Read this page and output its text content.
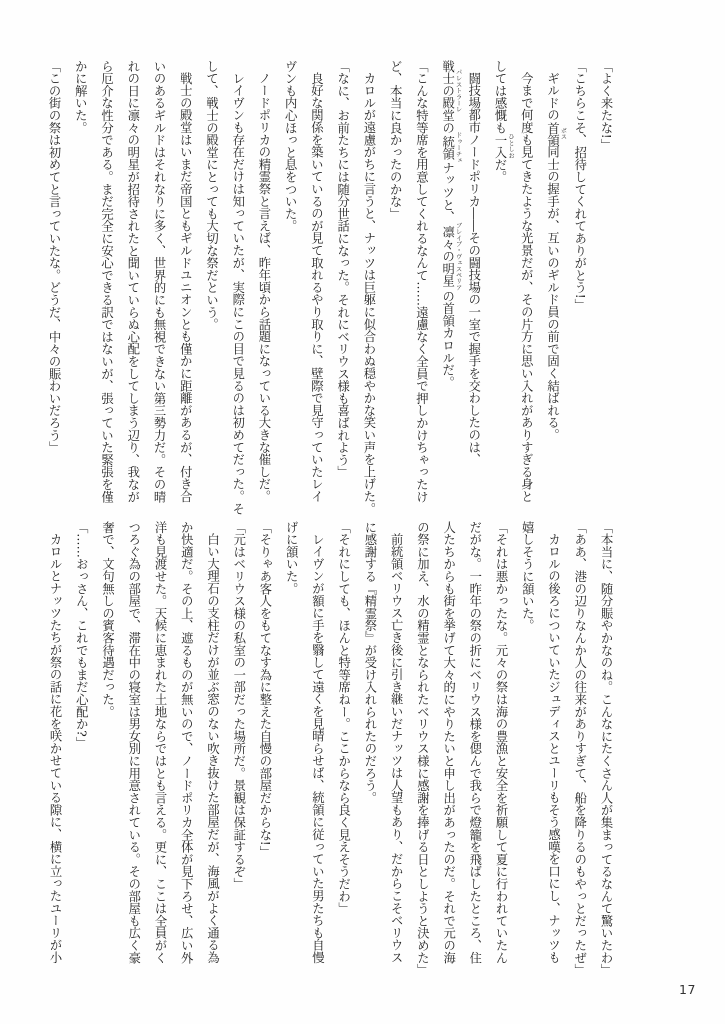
「よく来たな!」

「こちらこそ、招待してくれてありがとう!」

ギルドの首領 ボス同士の握手が、互いのギルド員の前で固く結ばれる。

今まで何度も見てきたような光景だが、その片方に思い入れがありすぎる身と
しては感慨も一入 ひとしおだ。

闘技場都市ノードポリカ――その闘技場の一室で握手を交わしたのは、
戦士の殿堂 パレストラーレの統領 ドゥーチェナッツと、凛々の明星 ブレイブ・ヴェスペリアの首領カロルだ。

「こんな特等席を用意してくれるなんて……遠慮なく全員で押しかけちゃったけ
ど、本当に良かったのかな」

カロルが遠慮がちに言うと、ナッツは巨躯に似合わぬ穏やかな笑い声を上げた。

「なに、お前たちには随分世話になった。それにベリウス様も喜ばれよう」

良好な関係を築いているのが見て取れるやり取りに、壁際で見守っていたレイ
ヴンも内心ほっと息をついた。

ノードポリカの精霊祭と言えば、昨年頃から話題になっている大きな催しだ。

レイヴンも存在だけは知っていたが、実際にこの目で見るのは初めてだった。そ
して、戦士の殿堂にとっても大切な祭だという。

戦士の殿堂はいまだ帝国ともギルドユニオンとも僅かに距離があるが、付き合
いのあるギルドはそれなりに多く、世界的にも無視できない第三勢力だ。その晴
れの日に凛々の明星が招待されたと聞いていらぬ心配をしてしまう辺り、我なが
ら厄介な性分である。まだ完全に安心できる訳ではないが、張っていた緊張を僅
かに解いた。

「この街の祭は初めてと言っていたな。どうだ、中々の賑わいだろう」

「本当に、随分賑やかなのね。こんなにたくさん人が集まってるなんて驚いたわ」

「ああ、港の辺りなんか人の往来がありすぎて、船を降りるのもやっとだったぜ」

カロルの後ろについていたジュディスとユーリもそう感嘆を口にし、ナッツも
嬉しそうに頷いた。

「それは悪かったな。元々の祭は海の豊漁と安全を祈願して夏に行われていたん
だがな。一昨年の祭の折にベリウス様を偲んで我らで燈籠を飛ばしたところ、住
人たちからも街を挙げて大々的にやりたいと申し出があったのだ。それで元の海
の祭に加え、水の精霊となられたベリウス様に感謝を捧げる日としようと決めた」

前統領ベリウス亡き後に引き継いだナッツは人望もあり、だからこそベリウス
に感謝する『精霊祭』が受け入れられたのだろう。

「それにしても、ほんと特等席ねー。ここからなら良く見えそうだわ」

レイヴンが額に手を翳して遠くを見晴らせば、統領に従っていた男たちも自慢
げに頷いた。

「そりゃあ客人をもてなす為に整えた自慢の部屋だからな!」

「元はベリウス様の私室の一部だった場所だ。景観は保証するぞ」

白い大理石の支柱だけが並ぶ窓のない吹き抜けた部屋だが、海風がよく通る為
か快適だ。その上、遮るものが無いので、ノードポリカ全体が見下ろせ、広い外
洋も見渡せた。天候に恵まれた土地ならではとも言える。更に、ここは全員がく
つろぐ為の部屋で、滞在中の寝室は男女別に用意されている。その部屋も広く豪
奢で、文句無しの賓客待遇だった。

「……おっさん、これでもまだ心配か?」

カロルとナッツたちが祭の話に花を咲かせている隙に、横に立ったユーリが小

17
